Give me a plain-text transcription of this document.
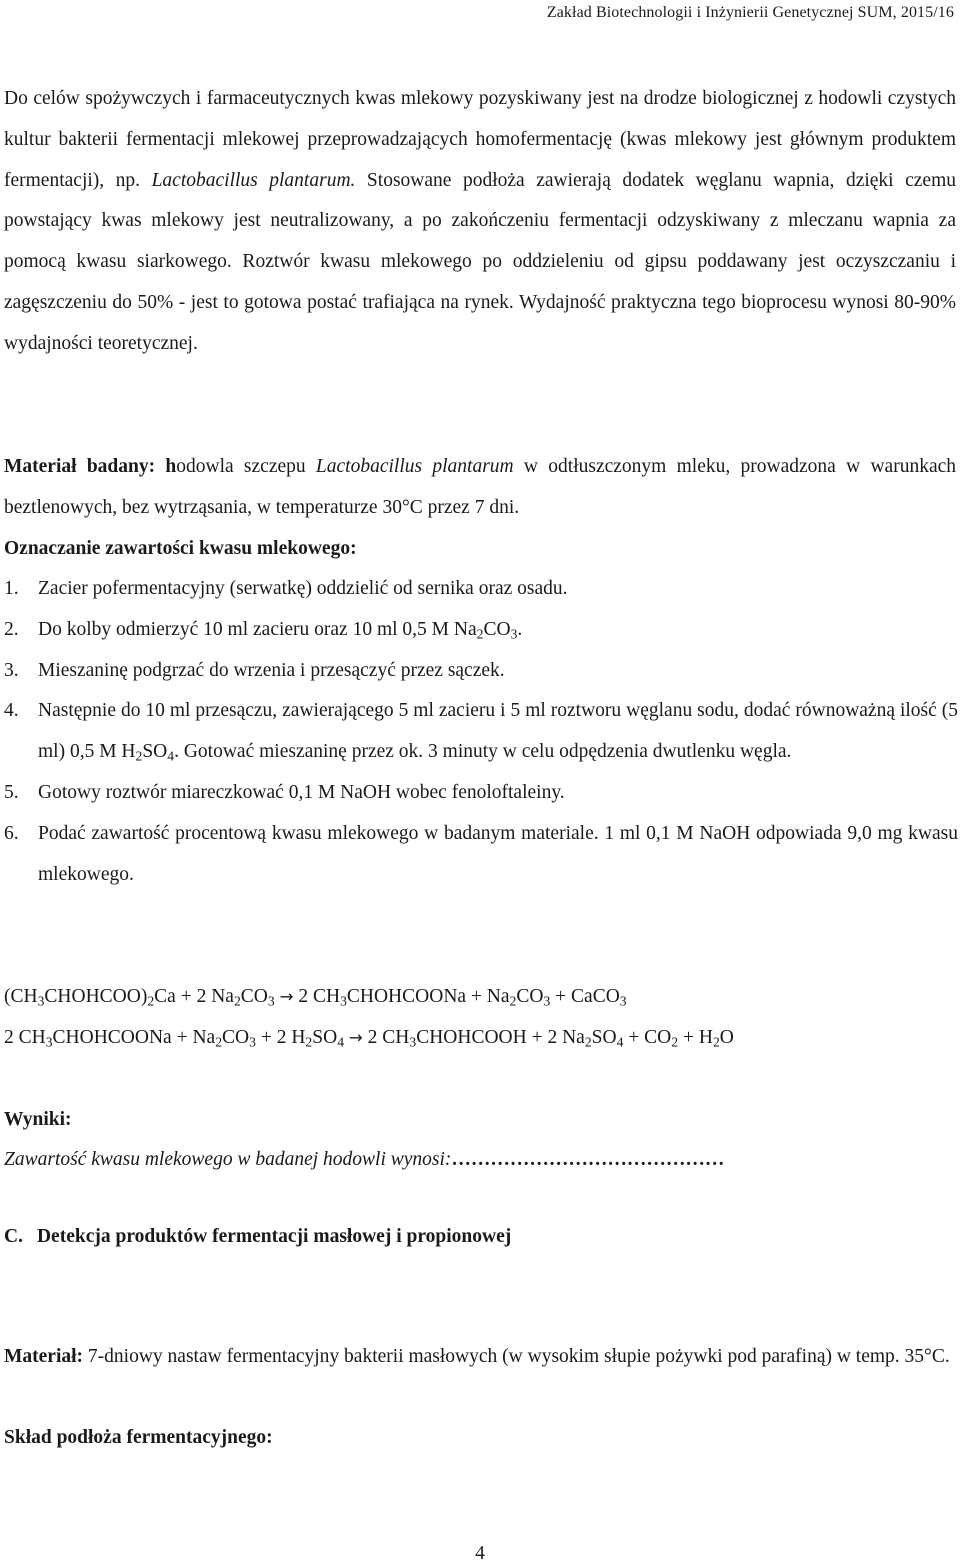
Zakład Biotechnologii i Inżynierii Genetycznej SUM, 2015/16
Do celów spożywczych i farmaceutycznych kwas mlekowy pozyskiwany jest na drodze biologicznej z hodowli czystych kultur bakterii fermentacji mlekowej przeprowadzających homofermentację (kwas mlekowy jest głównym produktem fermentacji), np. Lactobacillus plantarum. Stosowane podłoża zawierają dodatek węglanu wapnia, dzięki czemu powstający kwas mlekowy jest neutralizowany, a po zakończeniu fermentacji odzyskiwany z mleczanu wapnia za pomocą kwasu siarkowego. Roztwór kwasu mlekowego po oddzieleniu od gipsu poddawany jest oczyszczaniu i zagęszczeniu do 50% - jest to gotowa postać trafiająca na rynek. Wydajność praktyczna tego bioprocesu wynosi 80-90% wydajności teoretycznej.
Materiał badany: hodowla szczepu Lactobacillus plantarum w odtłuszczonym mleku, prowadzona w warunkach beztlenowych, bez wytrząsania, w temperaturze 30°C przez 7 dni.
Oznaczanie zawartości kwasu mlekowego:
1. Zacier pofermentacyjny (serwatkę) oddzielić od sernika oraz osadu.
2. Do kolby odmierzyć 10 ml zacieru oraz 10 ml 0,5 M $Na_2CO_3$.
3. Mieszaninę podgrzać do wrzenia i przesączyć przez sączek.
4. Następnie do 10 ml przesączu, zawierającego 5 ml zacieru i 5 ml roztworu węglanu sodu, dodać równoważną ilość (5 ml) 0,5 M $H_2SO_4$. Gotować mieszaninę przez ok. 3 minuty w celu odpędzenia dwutlenku węgla.
5. Gotowy roztwór miareczkować 0,1 M NaOH wobec fenoloftaleiny.
6. Podać zawartość procentową kwasu mlekowego w badanym materiale. 1 ml 0,1 M NaOH odpowiada 9,0 mg kwasu mlekowego.
$(CH_3CHOHCOO)_2Ca + 2$ $Na_2CO_3 \to 2$ $CH_3CHOHCOONa + Na_2CO_3$ + CaCO$_3$
2 $CH_3CHOHCOONa + Na_2CO_3 + 2$ $H_2SO_4 \to 2$ $CH_3CHOHCOOH + 2$ $Na_2SO_4 + CO_2 + H_2O$
Wyniki:
Zawartość kwasu mlekowego w badanej hodowli wynosi:……………………………………
C. Detekcja produktów fermentacji masłowej i propionowej
Materiał: 7-dniowy nastaw fermentacyjny bakterii masłowych (w wysokim słupie pożywki pod parafiną) w temp. 35°C.
Skład podłoża fermentacyjnego:
4
